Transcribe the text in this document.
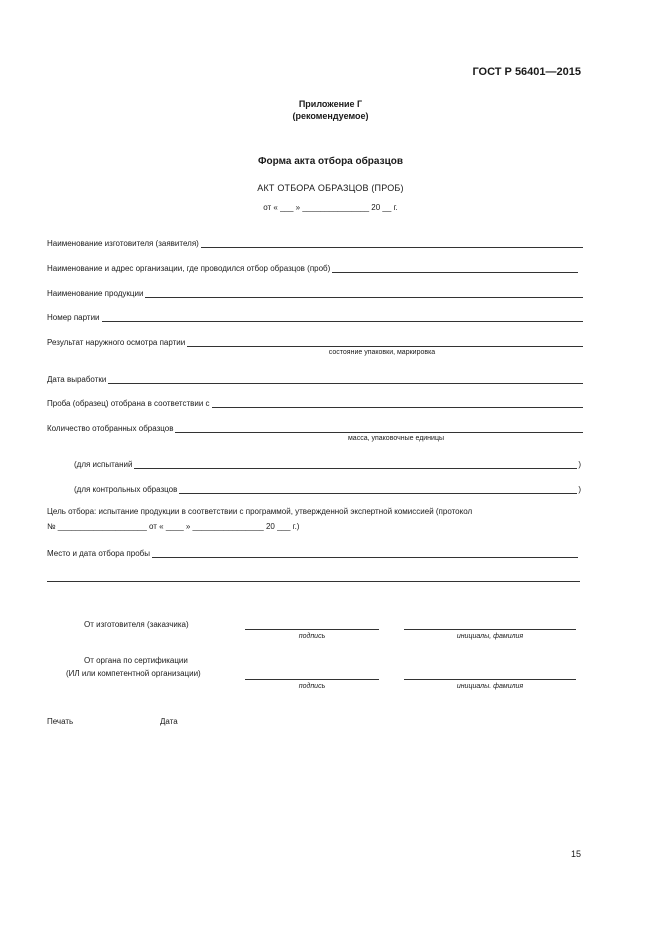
ГОСТ Р 56401—2015
Приложение Г
(рекомендуемое)
Форма акта отбора образцов
АКТ ОТБОРА ОБРАЗЦОВ (ПРОБ)
от « ___ » _______________ 20 __ г.
Наименование изготовителя (заявителя)
Наименование и адрес организации, где проводился отбор образцов (проб)
Наименование продукции
Номер партии
Результат наружного осмотра партии
состояние упаковки, маркировка
Дата выработки
Проба (образец) отобрана в соответствии с
Количество отобранных образцов
масса, упаковочные единицы
(для испытаний	)
(для контрольных образцов	)
Цель отбора: испытание продукции в соответствии с программой, утвержденной экспертной комиссией (протокол
№ ____________________ от « ____ » ________________ 20 ___ г.)
Место и дата отбора пробы
От изготовителя (заказчика)
подпись	инициалы, фамилия
От органа по сертификации
(ИЛ или компетентной организации)
подпись	инициалы. фамилия
Печать	Дата
15
